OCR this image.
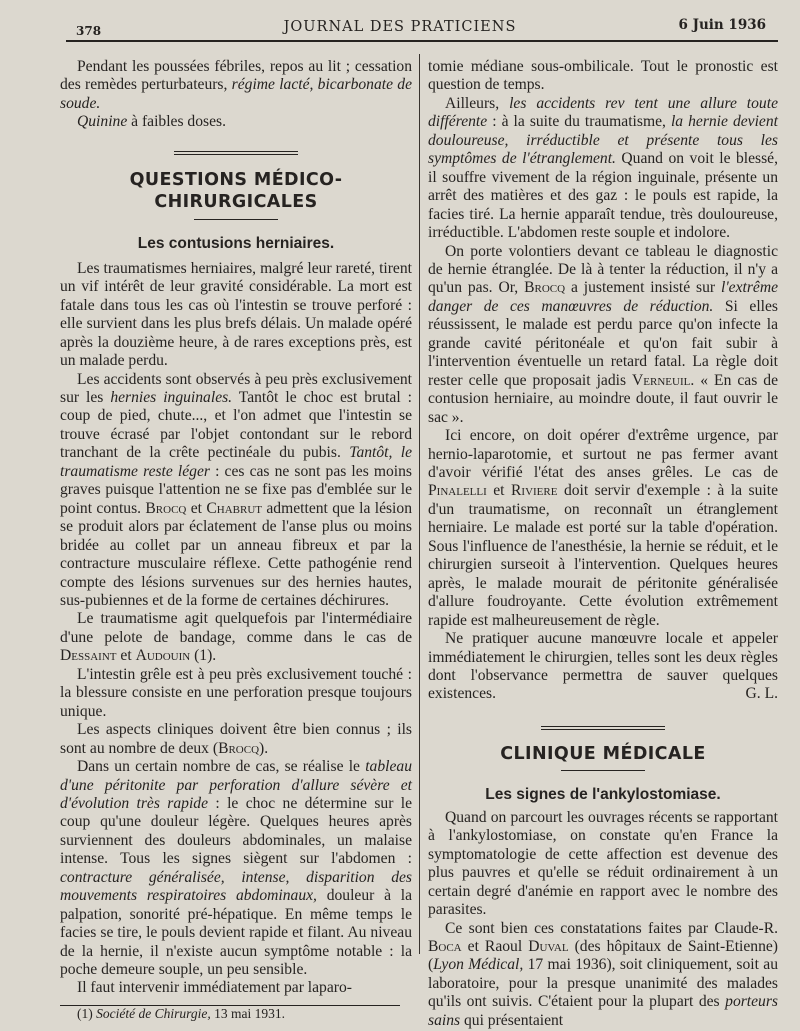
378	JOURNAL DES PRATICIENS	6 Juin 1936

Pendant les poussées fébriles, repos au lit ; cessation des remèdes perturbateurs, régime lacté, bicarbonate de soude.

Quinine à faibles doses.

QUESTIONS MÉDICO-CHIRURGICALES
Les contusions herniaires.

Les traumatismes herniaires, malgré leur rareté, tirent un vif intérêt de leur gravité considérable. La mort est fatale dans tous les cas où l'intestin se trouve perforé : elle survient dans les plus brefs délais. Un malade opéré après la douzième heure, à de rares exceptions près, est un malade perdu.

Les accidents sont observés à peu près exclusivement sur les hernies inguinales. Tantôt le choc est brutal : coup de pied, chute..., et l'on admet que l'intestin se trouve écrasé par l'objet contondant sur le rebord tranchant de la crête pectinéale du pubis. Tantôt, le traumatisme reste léger : ces cas ne sont pas les moins graves puisque l'attention ne se fixe pas d'emblée sur le point contus. Brocq et Chabrut admettent que la lésion se produit alors par éclatement de l'anse plus ou moins bridée au collet par un anneau fibreux et par la contracture musculaire réflexe. Cette pathogénie rend compte des lésions survenues sur des hernies hautes, sus-pubiennes et de la forme de certaines déchirures.

Le traumatisme agit quelquefois par l'intermédiaire d'une pelote de bandage, comme dans le cas de Dessaint et Audouin (1).

L'intestin grêle est à peu près exclusivement touché : la blessure consiste en une perforation presque toujours unique.

Les aspects cliniques doivent être bien connus ; ils sont au nombre de deux (Brocq).

Dans un certain nombre de cas, se réalise le tableau d'une péritonite par perforation d'allure sévère et d'évolution très rapide : le choc ne détermine sur le coup qu'une douleur légère. Quelques heures après surviennent des douleurs abdominales, un malaise intense. Tous les signes siègent sur l'abdomen : contracture généralisée, intense, disparition des mouvements respiratoires abdominaux, douleur à la palpation, sonorité pré-hépatique. En même temps le facies se tire, le pouls devient rapide et filant. Au niveau de la hernie, il n'existe aucun symptôme notable : la poche demeure souple, un peu sensible.

Il faut intervenir immédiatement par laparo-

(1) Société de Chirurgie, 13 mai 1931.

tomie médiane sous-ombilicale. Tout le pronostic est question de temps.

Ailleurs, les accidents rev tent une allure toute différente : à la suite du traumatisme, la hernie devient douloureuse, irréductible et présente tous les symptômes de l'étranglement. Quand on voit le blessé, il souffre vivement de la région inguinale, présente un arrêt des matières et des gaz : le pouls est rapide, la facies tiré. La hernie apparaît tendue, très douloureuse, irréductible. L'abdomen reste souple et indolore.

On porte volontiers devant ce tableau le diagnostic de hernie étranglée. De là à tenter la réduction, il n'y a qu'un pas. Or, Brocq a justement insisté sur l'extrême danger de ces manœuvres de réduction. Si elles réussissent, le malade est perdu parce qu'on infecte la grande cavité péritonéale et qu'on fait subir à l'intervention éventuelle un retard fatal. La règle doit rester celle que proposait jadis Verneuil. « En cas de contusion herniaire, au moindre doute, il faut ouvrir le sac ».

Ici encore, on doit opérer d'extrême urgence, par hernio-laparotomie, et surtout ne pas fermer avant d'avoir vérifié l'état des anses grêles. Le cas de Pinalelli et Riviere doit servir d'exemple : à la suite d'un traumatisme, on reconnaît un étranglement herniaire. Le malade est porté sur la table d'opération. Sous l'influence de l'anesthésie, la hernie se réduit, et le chirurgien surseoit à l'intervention. Quelques heures après, le malade mourait de péritonite généralisée d'allure foudroyante. Cette évolution extrêmement rapide est malheureusement de règle.

Ne pratiquer aucune manœuvre locale et appeler immédiatement le chirurgien, telles sont les deux règles dont l'observance permettra de sauver quelques existences.	G. L.

CLINIQUE MÉDICALE
Les signes de l'ankylostomiase.

Quand on parcourt les ouvrages récents se rapportant à l'ankylostomiase, on constate qu'en France la symptomatologie de cette affection est devenue des plus pauvres et qu'elle se réduit ordinairement à un certain degré d'anémie en rapport avec le nombre des parasites.

Ce sont bien ces constatations faites par Claude-R. Boca et Raoul Duval (des hôpitaux de Saint-Etienne) (Lyon Médical, 17 mai 1936), soit cliniquement, soit au laboratoire, pour la presque unanimité des malades qu'ils ont suivis. C'étaient pour la plupart des porteurs sains qui présentaient
